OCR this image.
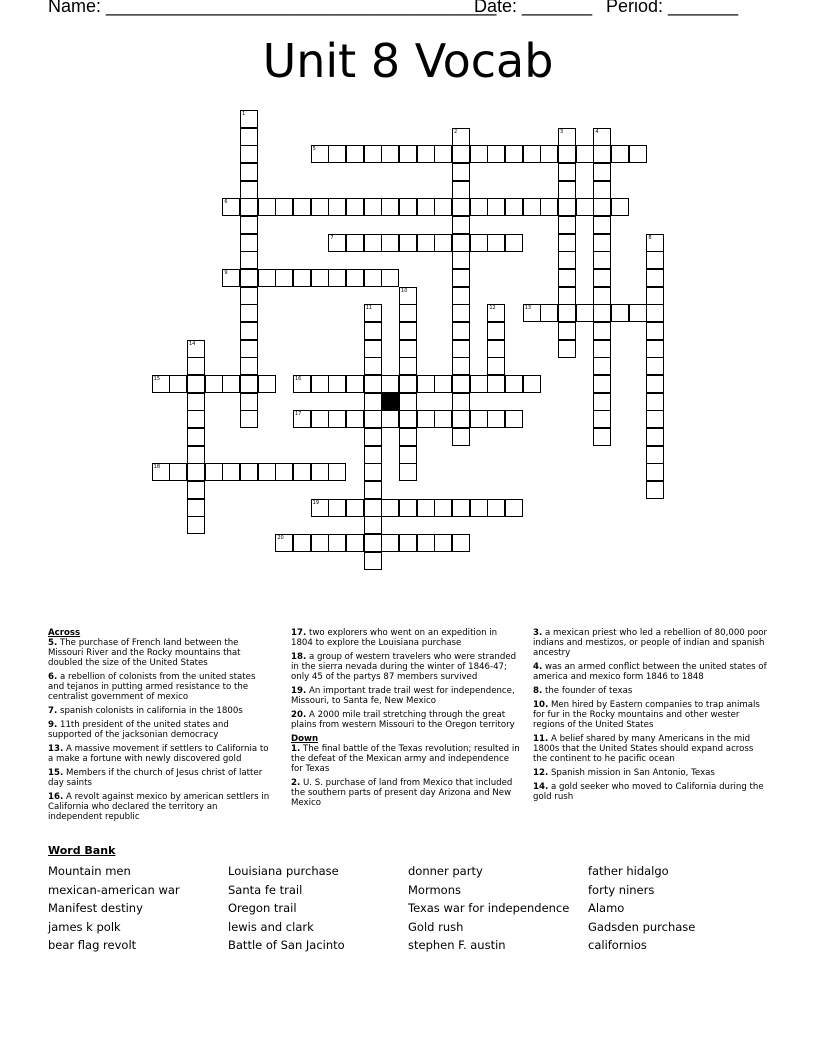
Name: _______________________________________
Date: _______ Period: _______
Unit 8 Vocab
1
2	3	4
5
6
7	8
9
10
11	12	13
14
15	16
17
18
19
20
Across
5. The purchase of French land between the Missouri River and the Rocky mountains that doubled the size of the United States
6. a rebellion of colonists from the united states and tejanos in putting armed resistance to the centralist government of mexico
7. spanish colonists in california in the 1800s
9. 11th president of the united states and supported of the jacksonian democracy
13. A massive movement if settlers to California to a make a fortune with newly discovered gold
15. Members if the church of Jesus christ of latter day saints
16. A revolt against mexico by american settlers in California who declared the territory an independent republic
17. two explorers who went on an expedition in 1804 to explore the Louisiana purchase
18. a group of western travelers who were stranded in the sierra nevada during the winter of 1846-47; only 45 of the partys 87 members survived
19. An important trade trail west for independence, Missouri, to Santa fe, New Mexico
20. A 2000 mile trail stretching through the great plains from western Missouri to the Oregon territory
Down
1. The final battle of the Texas revolution; resulted in the defeat of the Mexican army and independence for Texas
2. U. S. purchase of land from Mexico that included the southern parts of present day Arizona and New Mexico
3. a mexican priest who led a rebellion of 80,000 poor indians and mestizos, or people of indian and spanish ancestry
4. was an armed conflict between the united states of america and mexico form 1846 to 1848
8. the founder of texas
10. Men hired by Eastern companies to trap animals for fur in the Rocky mountains and other wester regions of the United States
11. A belief shared by many Americans in the mid 1800s that the United States should expand across the continent to he pacific ocean
12. Spanish mission in San Antonio, Texas
14. a gold seeker who moved to California during the gold rush
Word Bank
Mountain men	Louisiana purchase	donner party	father hidalgo
mexican-american war	Santa fe trail	Mormons	forty niners
Manifest destiny	Oregon trail	Texas war for independence	Alamo
james k polk	lewis and clark	Gold rush	Gadsden purchase
bear flag revolt	Battle of San Jacinto	stephen F. austin	californios
